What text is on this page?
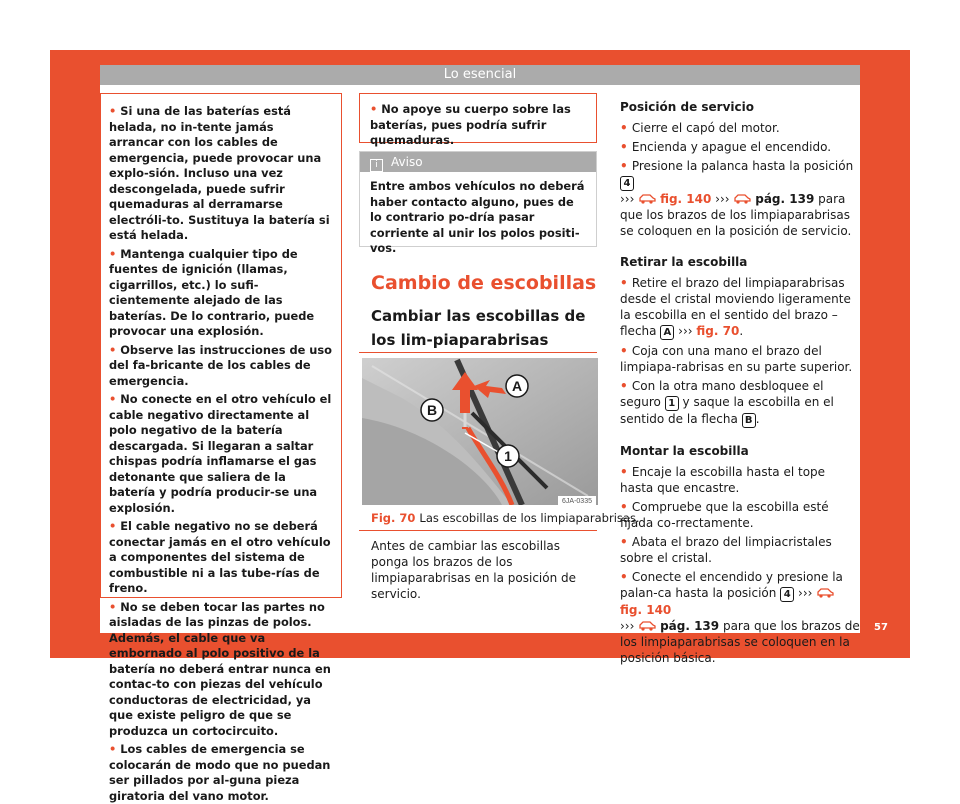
Lo esencial

• Si una de las baterías está helada, no in-tente jamás arrancar con los cables de emergencia, puede provocar una explo-sión. Incluso una vez descongelada, puede sufrir quemaduras al derramarse electróli-to. Sustituya la batería si está helada.

• Mantenga cualquier tipo de fuentes de ignición (llamas, cigarrillos, etc.) lo sufi-cientemente alejado de las baterías. De lo contrario, puede provocar una explosión.

• Observe las instrucciones de uso del fa-bricante de los cables de emergencia.

• No conecte en el otro vehículo el cable negativo directamente al polo negativo de la batería descargada. Si llegaran a saltar chispas podría inflamarse el gas detonante que saliera de la batería y podría producir-se una explosión.

• El cable negativo no se deberá conectar jamás en el otro vehículo a componentes del sistema de combustible ni a las tube-rías de freno.

• No se deben tocar las partes no aisladas de las pinzas de polos. Además, el cable que va embornado al polo positivo de la batería no deberá entrar nunca en contac-to con piezas del vehículo conductoras de electricidad, ya que existe peligro de que se produzca un cortocircuito.

• Los cables de emergencia se colocarán de modo que no puedan ser pillados por al-guna pieza giratoria del vano motor.

• No apoye su cuerpo sobre las baterías, pues podría sufrir quemaduras.

i Aviso
Entre ambos vehículos no deberá haber contacto alguno, pues de lo contrario po-dría pasar corriente al unir los polos positi-vos.
Cambio de escobillas
Cambiar las escobillas de los lim-piaparabrisas
A
B
1
6JA-0335
Fig. 70 Las escobillas de los limpiaparabrisas.
Antes de cambiar las escobillas ponga los brazos de los limpiaparabrisas en la posición de servicio.
Posición de servicio

• Cierre el capó del motor.

• Encienda y apague el encendido.

• Presione la palanca hasta la posición 4
››› fig. 140 ››› pág. 139 para que los brazos de los limpiaparabrisas se coloquen en la posición de servicio.

Retirar la escobilla

• Retire el brazo del limpiaparabrisas desde el cristal moviendo ligeramente la escobilla en el sentido del brazo – flecha A ››› fig. 70.

• Coja con una mano el brazo del limpiapa-rabrisas en su parte superior.

• Con la otra mano desbloquee el seguro 1 y saque la escobilla en el sentido de la flecha B .

Montar la escobilla

• Encaje la escobilla hasta el tope hasta que encastre.

• Compruebe que la escobilla esté fijada co-rrectamente.

• Abata el brazo del limpiacristales sobre el cristal.

• Conecte el encendido y presione la palan-ca hasta la posición 4 ›››  fig. 140
››› pág. 139 para que los brazos de los limpiaparabrisas se coloquen en la posición básica.

57
